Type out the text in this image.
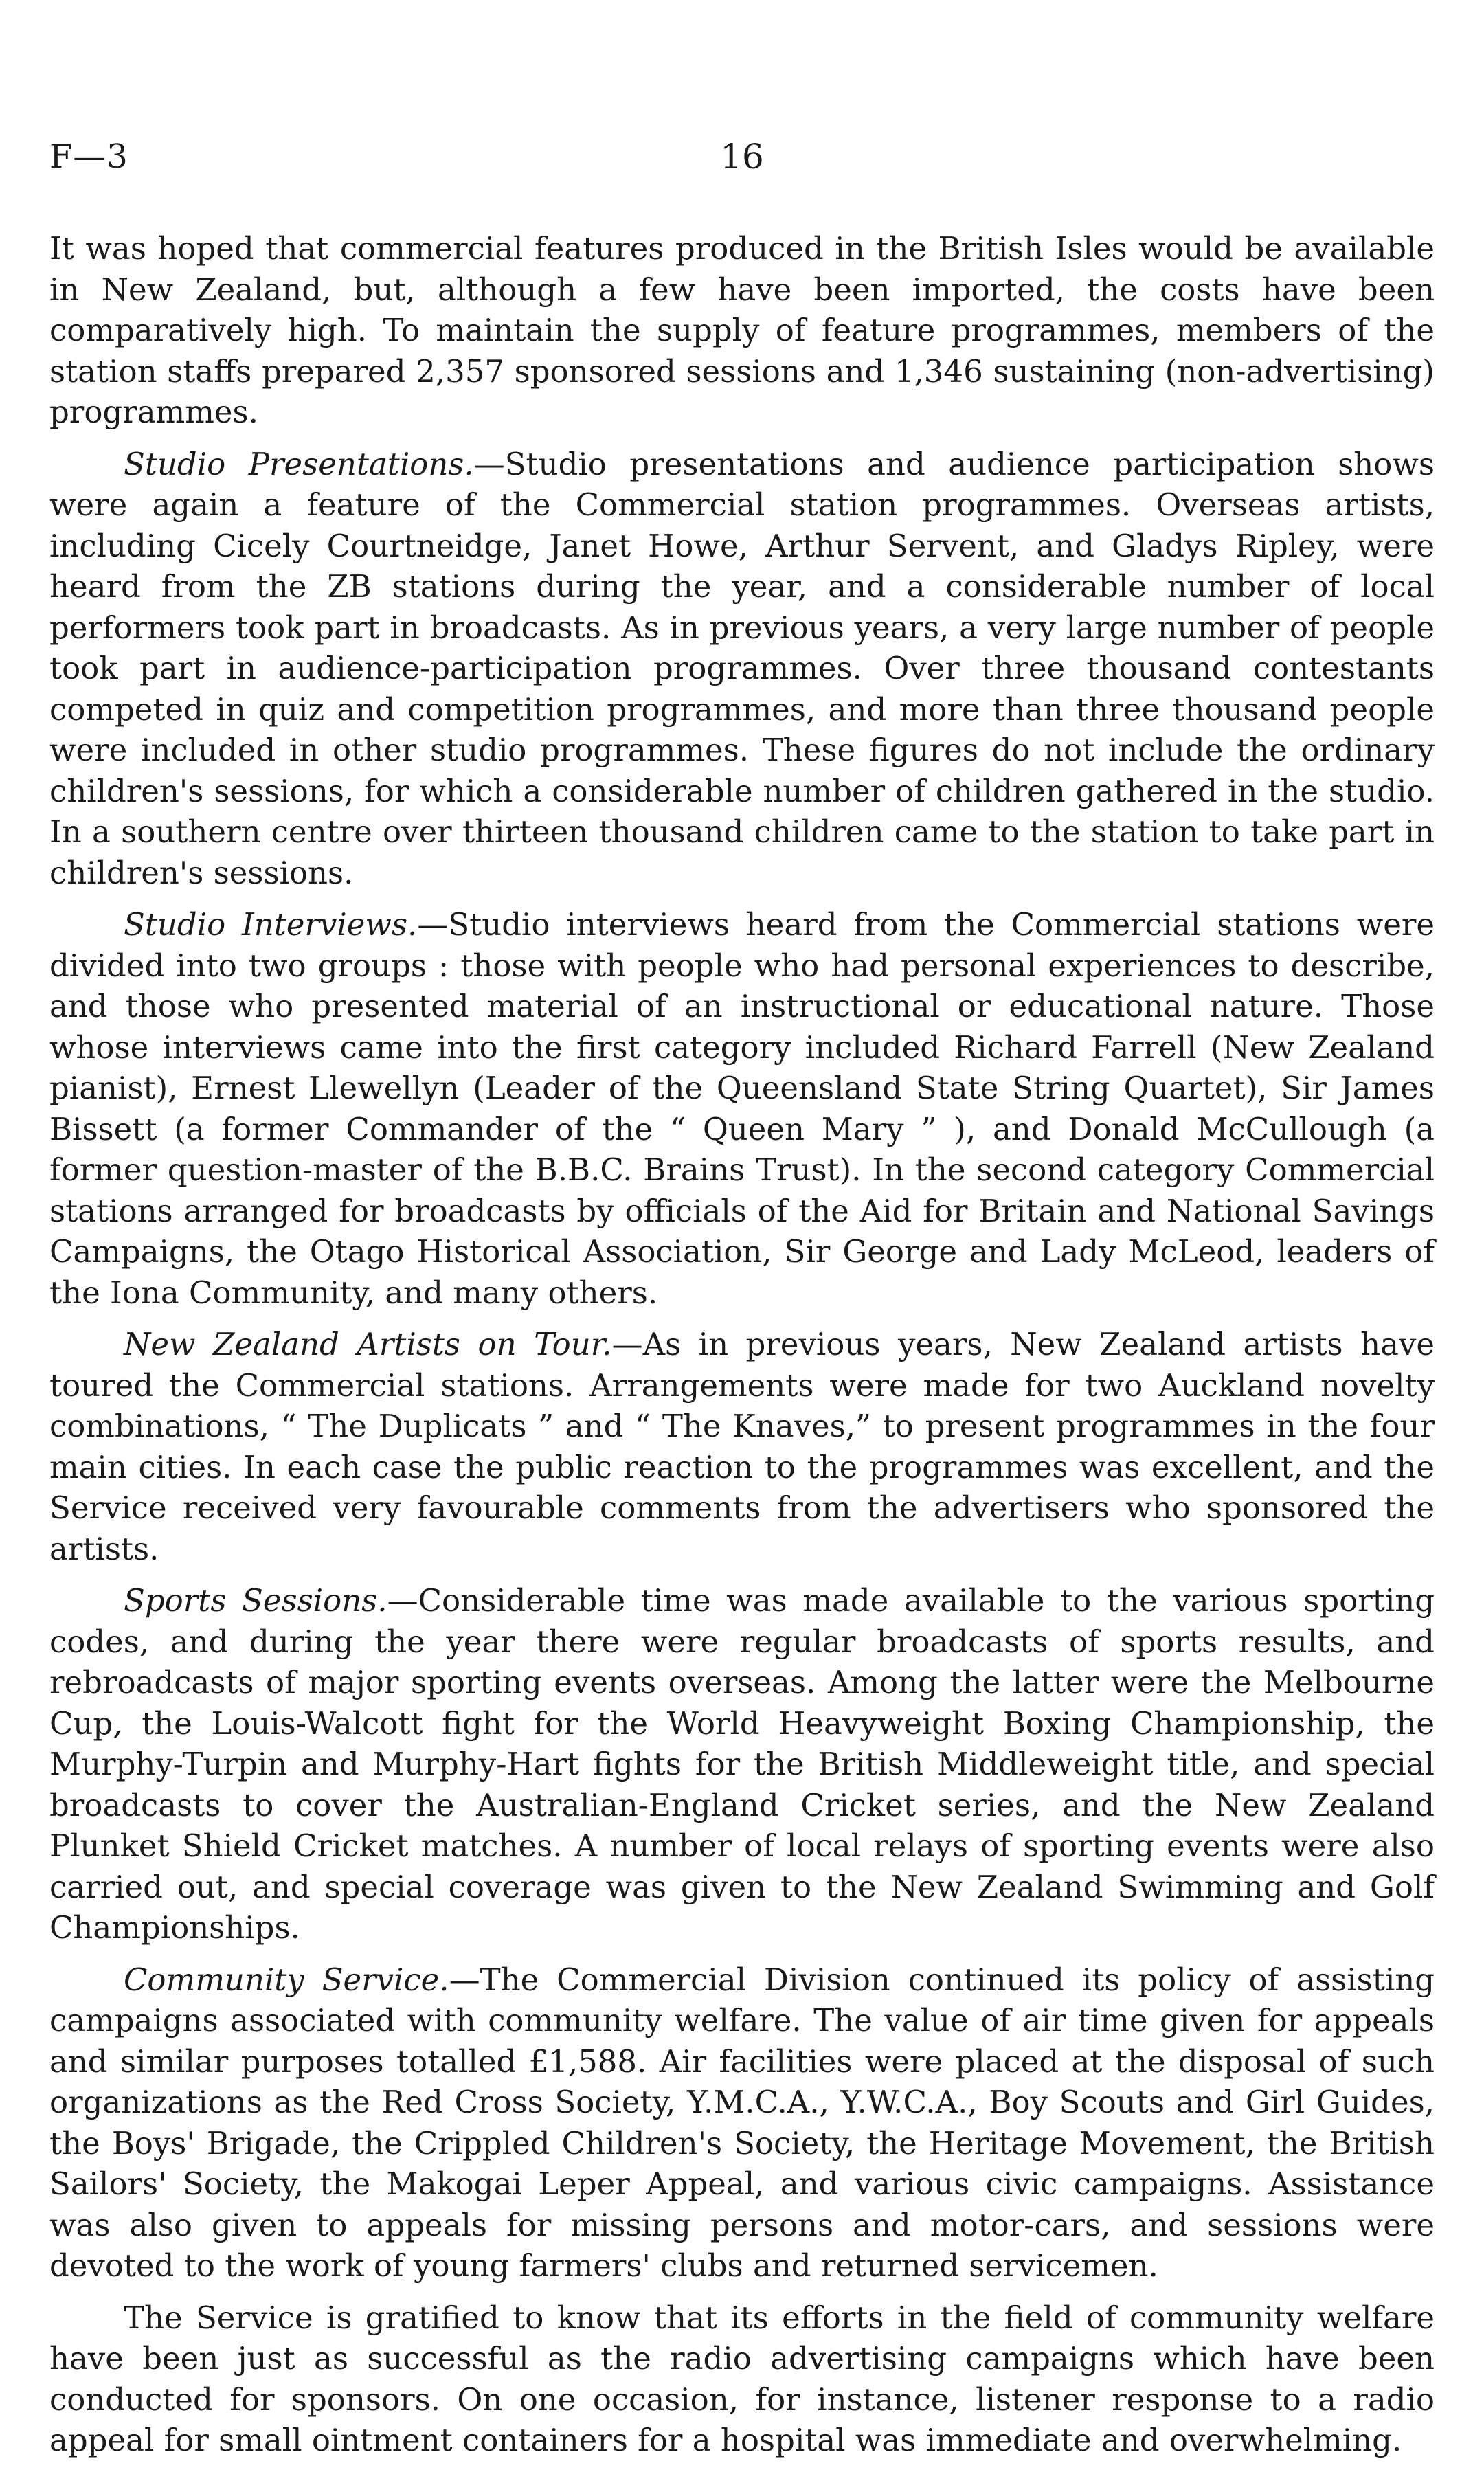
F—3	16

It was hoped that commercial features produced in the British Isles would be available in New Zealand, but, although a few have been imported, the costs have been comparatively high. To maintain the supply of feature programmes, members of the station staffs prepared 2,357 sponsored sessions and 1,346 sustaining (non-advertising) programmes.

Studio Presentations.—Studio presentations and audience participation shows were again a feature of the Commercial station programmes. Overseas artists, including Cicely Courtneidge, Janet Howe, Arthur Servent, and Gladys Ripley, were heard from the ZB stations during the year, and a considerable number of local performers took part in broadcasts. As in previous years, a very large number of people took part in audience-participation programmes. Over three thousand contestants competed in quiz and competition programmes, and more than three thousand people were included in other studio programmes. These figures do not include the ordinary children's sessions, for which a considerable number of children gathered in the studio. In a southern centre over thirteen thousand children came to the station to take part in children's sessions.

Studio Interviews.—Studio interviews heard from the Commercial stations were divided into two groups : those with people who had personal experiences to describe, and those who presented material of an instructional or educational nature. Those whose interviews came into the first category included Richard Farrell (New Zealand pianist), Ernest Llewellyn (Leader of the Queensland State String Quartet), Sir James Bissett (a former Commander of the “ Queen Mary ” ), and Donald McCullough (a former question-master of the B.B.C. Brains Trust). In the second category Commercial stations arranged for broadcasts by officials of the Aid for Britain and National Savings Campaigns, the Otago Historical Association, Sir George and Lady McLeod, leaders of the Iona Community, and many others.

New Zealand Artists on Tour.—As in previous years, New Zealand artists have toured the Commercial stations. Arrangements were made for two Auckland novelty combinations, “ The Duplicats ” and “ The Knaves,” to present programmes in the four main cities. In each case the public reaction to the programmes was excellent, and the Service received very favourable comments from the advertisers who sponsored the artists.

Sports Sessions.—Considerable time was made available to the various sporting codes, and during the year there were regular broadcasts of sports results, and rebroadcasts of major sporting events overseas. Among the latter were the Melbourne Cup, the Louis-Walcott fight for the World Heavyweight Boxing Championship, the Murphy-Turpin and Murphy-Hart fights for the British Middleweight title, and special broadcasts to cover the Australian-England Cricket series, and the New Zealand Plunket Shield Cricket matches. A number of local relays of sporting events were also carried out, and special coverage was given to the New Zealand Swimming and Golf Championships.

Community Service.—The Commercial Division continued its policy of assisting campaigns associated with community welfare. The value of air time given for appeals and similar purposes totalled £1,588. Air facilities were placed at the disposal of such organizations as the Red Cross Society, Y.M.C.A., Y.W.C.A., Boy Scouts and Girl Guides, the Boys' Brigade, the Crippled Children's Society, the Heritage Movement, the British Sailors' Society, the Makogai Leper Appeal, and various civic campaigns. Assistance was also given to appeals for missing persons and motor-cars, and sessions were devoted to the work of young farmers' clubs and returned servicemen.

The Service is gratified to know that its efforts in the field of community welfare have been just as successful as the radio advertising campaigns which have been conducted for sponsors. On one occasion, for instance, listener response to a radio appeal for small ointment containers for a hospital was immediate and overwhelming.
